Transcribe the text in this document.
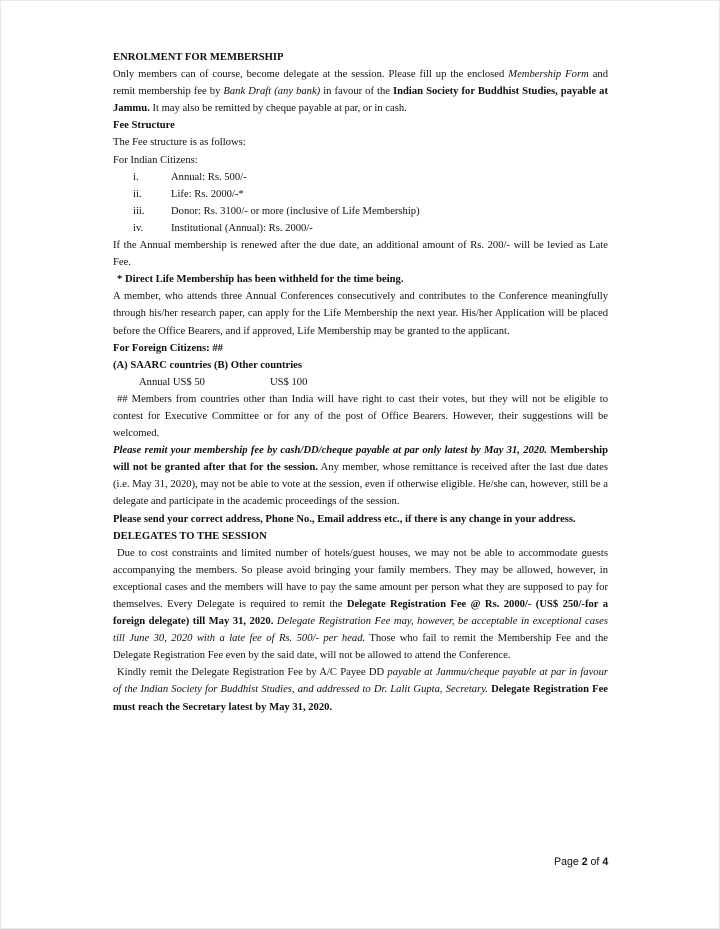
ENROLMENT FOR MEMBERSHIP

Only members can of course, become delegate at the session. Please fill up the enclosed Membership Form and remit membership fee by Bank Draft (any bank) in favour of the Indian Society for Buddhist Studies, payable at Jammu. It may also be remitted by cheque payable at par, or in cash.

Fee Structure

The Fee structure is as follows:

For Indian Citizens:

i.	Annual: Rs. 500/-
ii.	Life: Rs. 2000/-*
iii.	Donor: Rs. 3100/- or more (inclusive of Life Membership)
iv.	Institutional (Annual): Rs. 2000/-

If the Annual membership is renewed after the due date, an additional amount of Rs. 200/- will be levied as Late Fee.

* Direct Life Membership has been withheld for the time being.

A member, who attends three Annual Conferences consecutively and contributes to the Conference meaningfully through his/her research paper, can apply for the Life Membership the next year. His/her Application will be placed before the Office Bearers, and if approved, Life Membership may be granted to the applicant.

For Foreign Citizens: ##

(A) SAARC countries
(B) Other countries
Annual US$ 50	US$ 100

## Members from countries other than India will have right to cast their votes, but they will not be eligible to contest for Executive Committee or for any of the post of Office Bearers. However, their suggestions will be welcomed.

Please remit your membership fee by cash/DD/cheque payable at par only latest by May 31, 2020. Membership will not be granted after that for the session. Any member, whose remittance is received after the last due dates (i.e. May 31, 2020), may not be able to vote at the session, even if otherwise eligible. He/she can, however, still be a delegate and participate in the academic proceedings of the session.

Please send your correct address, Phone No., Email address etc., if there is any change in your address.

DELEGATES TO THE SESSION

Due to cost constraints and limited number of hotels/guest houses, we may not be able to accommodate guests accompanying the members. So please avoid bringing your family members. They may be allowed, however, in exceptional cases and the members will have to pay the same amount per person what they are supposed to pay for themselves. Every Delegate is required to remit the Delegate Registration Fee @ Rs. 2000/- (US$ 250/-for a foreign delegate) till May 31, 2020. Delegate Registration Fee may, however, be acceptable in exceptional cases till June 30, 2020 with a late fee of Rs. 500/- per head. Those who fail to remit the Membership Fee and the Delegate Registration Fee even by the said date, will not be allowed to attend the Conference.

Kindly remit the Delegate Registration Fee by A/C Payee DD payable at Jammu/cheque payable at par in favour of the Indian Society for Buddhist Studies, and addressed to Dr. Lalit Gupta, Secretary. Delegate Registration Fee must reach the Secretary latest by May 31, 2020.

Page 2 of 4
